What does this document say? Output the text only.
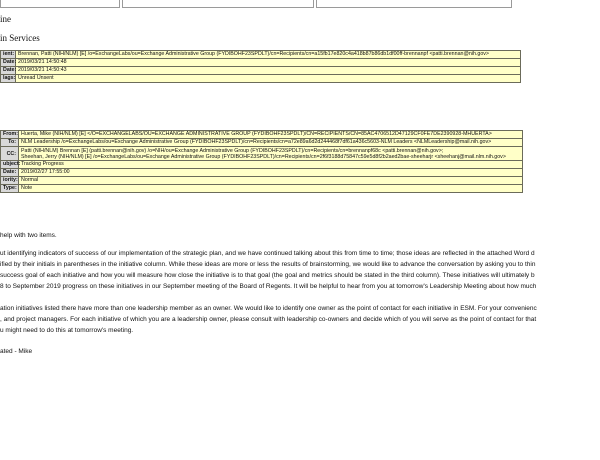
ine
in Services
ient:	Brennan, Patti (NIH/NLM) [E] /o=ExchangeLabs/ou=Exchange Administrative Group (FYDIBOHF23SPDLT)/cn=Recipients/cn=a15fb17e820c4a418b87b86db1df00ff-brennanpf <patti.brennan@nih.gov>
Date:	2019/03/21 14:50:48
Date:	2019/03/21 14:50:43
lags:	Unread Unsent
From:	Huerta, Mike (NIH/NLM) [E] </O=EXCHANGELABS/OU=EXCHANGE ADMINISTRATIVE GROUP (FYDIBOHF23SPDLT)/CN=RECIPIENTS/CN=85AC4706512D47129CF0FE7DE2390928-MHUERTA>
To:	NLM Leadership /o=ExchangeLabs/ou=Exchange Administrative Group (FYDIBOHF23SPDLT)/cn=Recipients/cn=a72e89a6d2d244468f7df61a436c5603-NLM Leaders <NLMLeadership@mail.nih.gov>
CC:	Patti (NIH/NLM) Brennan [E] (patti.brennan@nih.gov) /o=NIH/ou=Exchange Administrative Group (FYDIBOHF23SPDLT)/cn=Recipients/cn=brennanpf68c <patti.brennan@nih.gov>;
Sheehan, Jerry (NIH/NLM) [E] /o=ExchangeLabs/ou=Exchange Administrative Group (FYDIBOHF23SPDLT)/cn=Recipients/cn=2f6f3188d75847c59e5d8f2b2aed2bae-sheeharjr <sheehanj@mail.nlm.nih.gov>

ubject:	Tracking Progress
Date:	2019/02/27 17:55:00
iority:	Normal
Type:	Note
help with two items.
ut identifying indicators of success of our implementation of the strategic plan, and we have continued talking about this from time to time; those ideas are reflected in the attached Word d
ified by their initials in parentheses in the initiative column. While these ideas are more or less the results of brainstorming, we would like to advance the conversation by asking you to thin
success goal of each initiative and how you will measure how close the initiative is to that goal (the goal and metrics should be stated in the third column). These initiatives will ultimately b
8 to September 2019 progress on these initiatives in our September meeting of the Board of Regents. It will be helpful to hear from you at tomorrow's Leadership Meeting about how much
ation initiatives listed there have more than one leadership member as an owner. We would like to identify one owner as the point of contact for each initiative in ESM. For your convenienc
, and project managers. For each initiative of which you are a leadership owner, please consult with leadership co-owners and decide which of you will serve as the point of contact for that
u might need to do this at tomorrow's meeting.
ated - Mike
